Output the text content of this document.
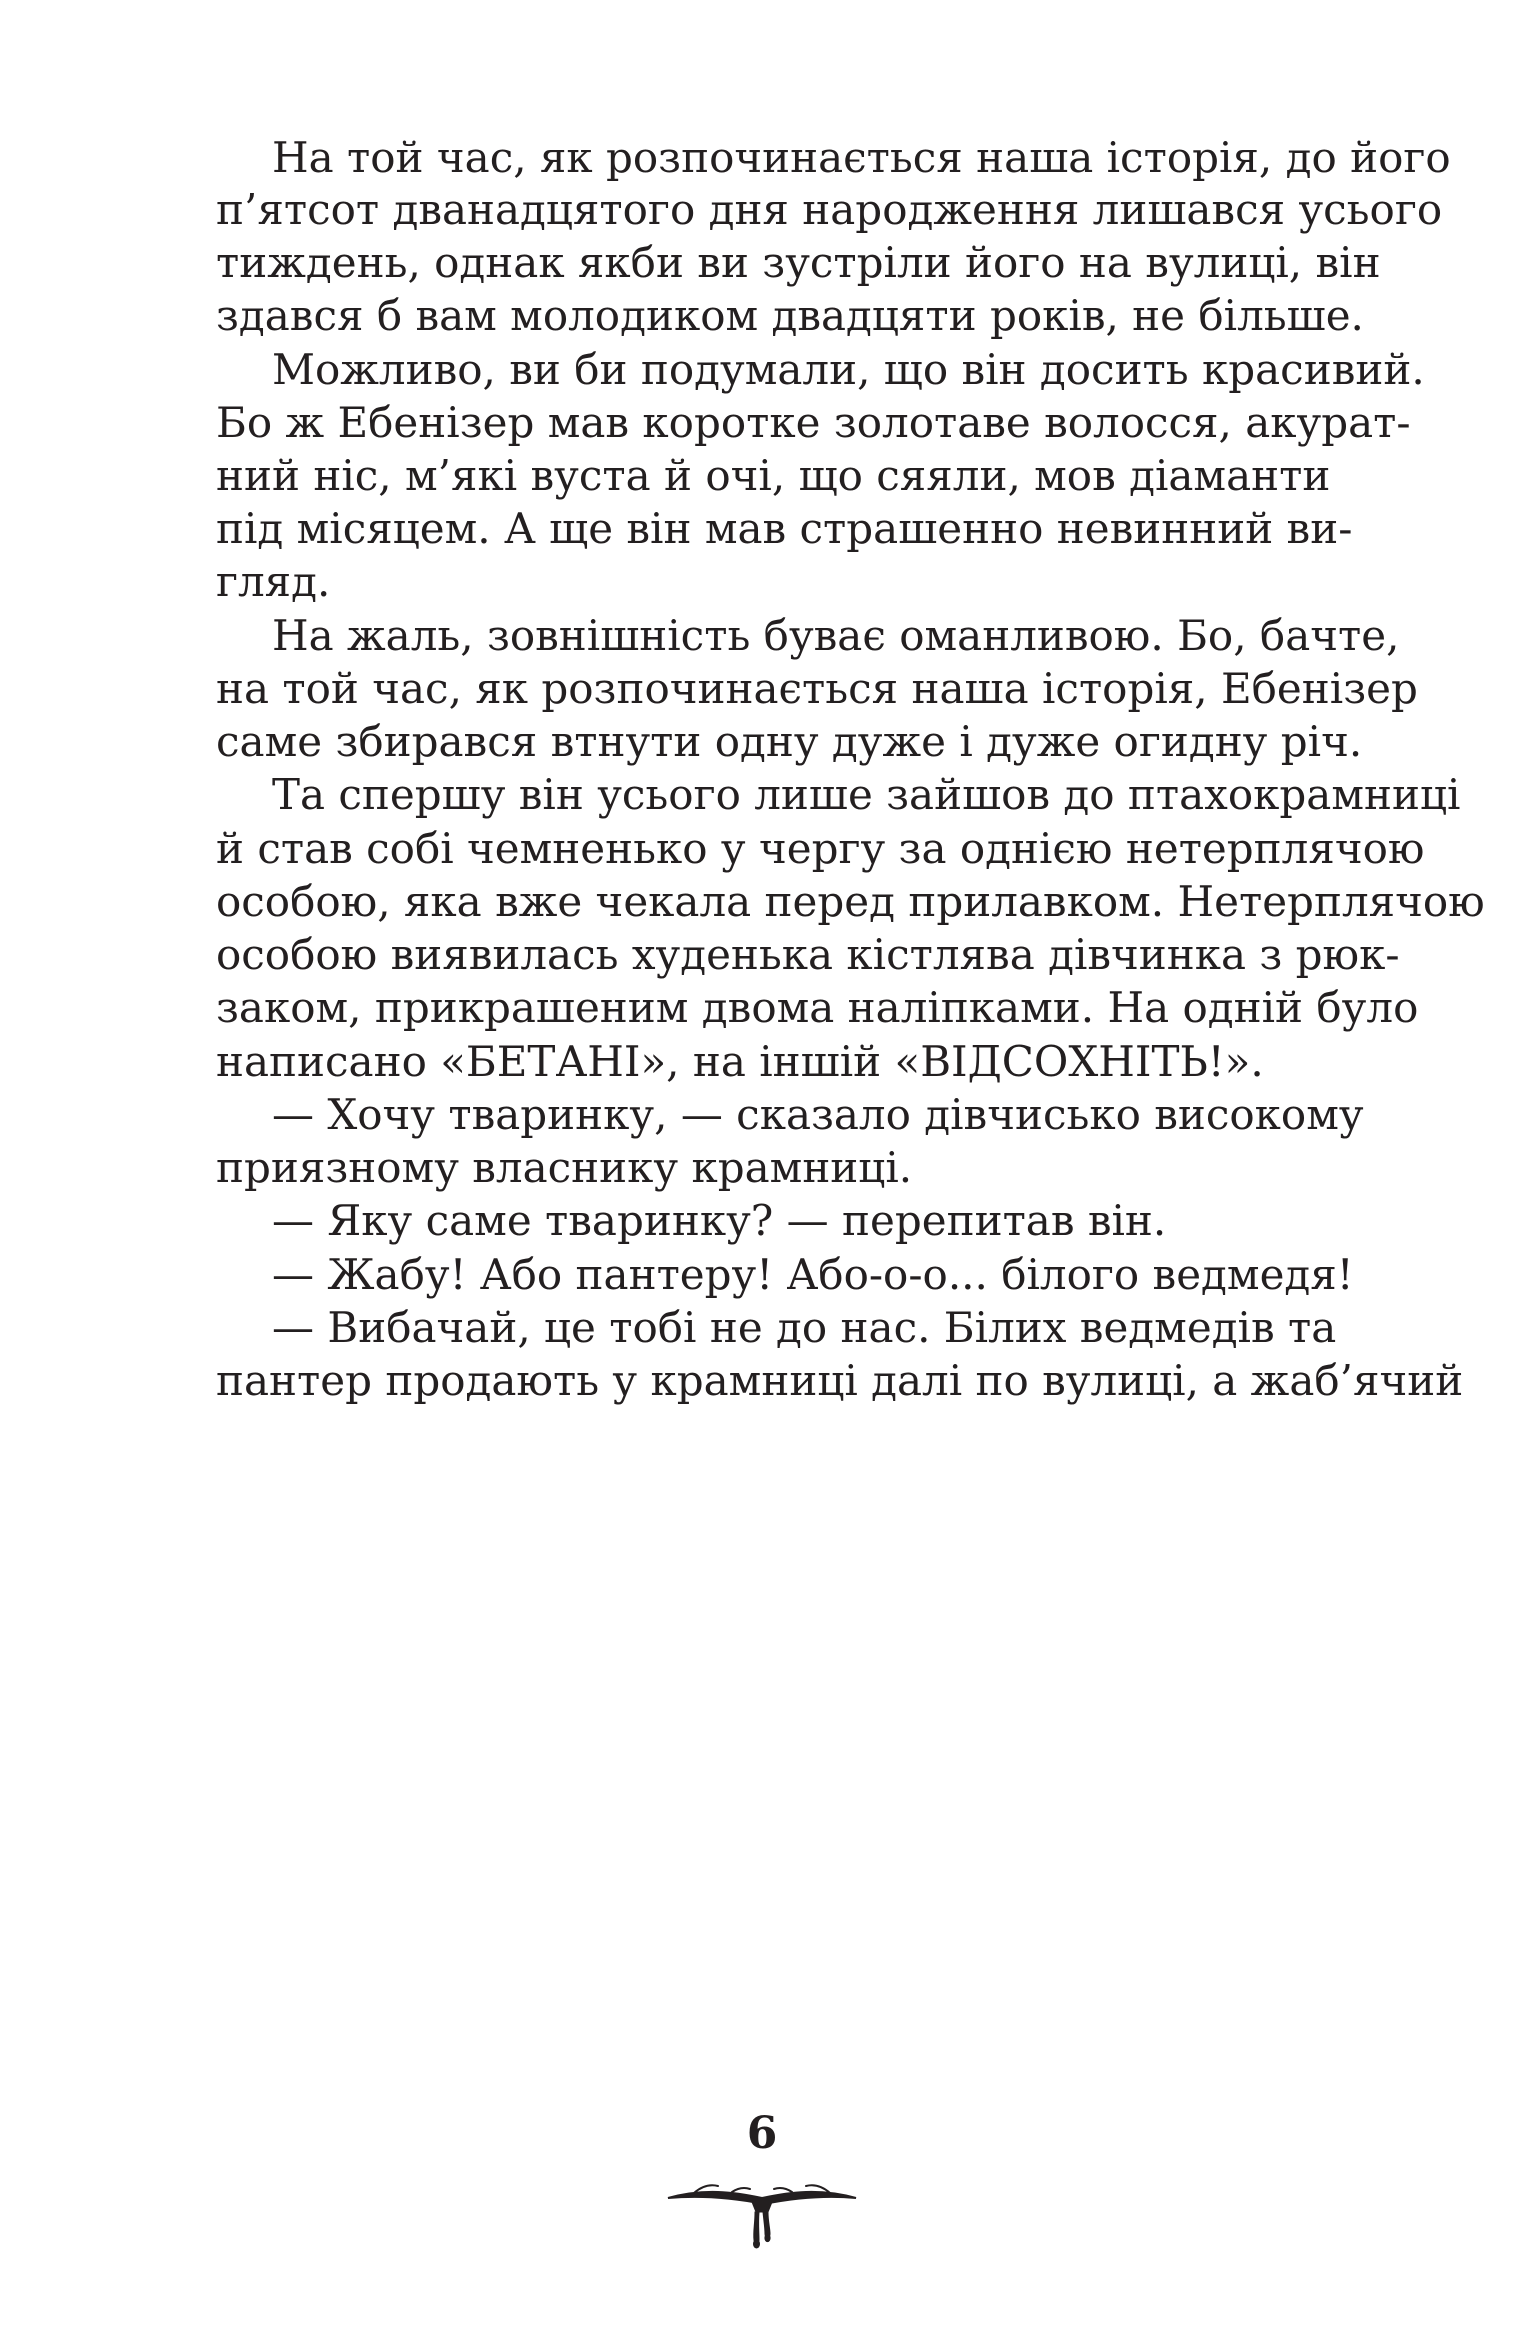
На той час, як розпочинається наша історія, до його
п’ятсот дванадцятого дня народження лишався усього
тиждень, однак якби ви зустріли його на вулиці, він
здався б вам молодиком двадцяти років, не більше.
Можливо, ви би подумали, що він досить красивий.
Бо ж Ебенізер мав коротке золотаве волосся, акурат-
ний ніс, м’які вуста й очі, що сяяли, мов діаманти
під місяцем. А ще він мав страшенно невинний ви-
гляд.
На жаль, зовнішність буває оманливою. Бо, бачте,
на той час, як розпочинається наша історія, Ебенізер
саме збирався втнути одну дуже і дуже огидну річ.
Та спершу він усього лише зайшов до птахокрамниці
й став собі чемненько у чергу за однією нетерплячою
особою, яка вже чекала перед прилавком. Нетерплячою
особою виявилась худенька кістлява дівчинка з рюк-
заком, прикрашеним двома наліпками. На одній було
написано «БЕТАНІ», на іншій «ВІДСОХНІТЬ!».
— Хочу тваринку, — сказало дівчисько високому
приязному власнику крамниці.
— Яку саме тваринку? — перепитав він.
— Жабу! Або пантеру! Або-о-о... білого ведмедя!
— Вибачай, це тобі не до нас. Білих ведмедів та
пантер продають у крамниці далі по вулиці, а жаб’ячий
6
